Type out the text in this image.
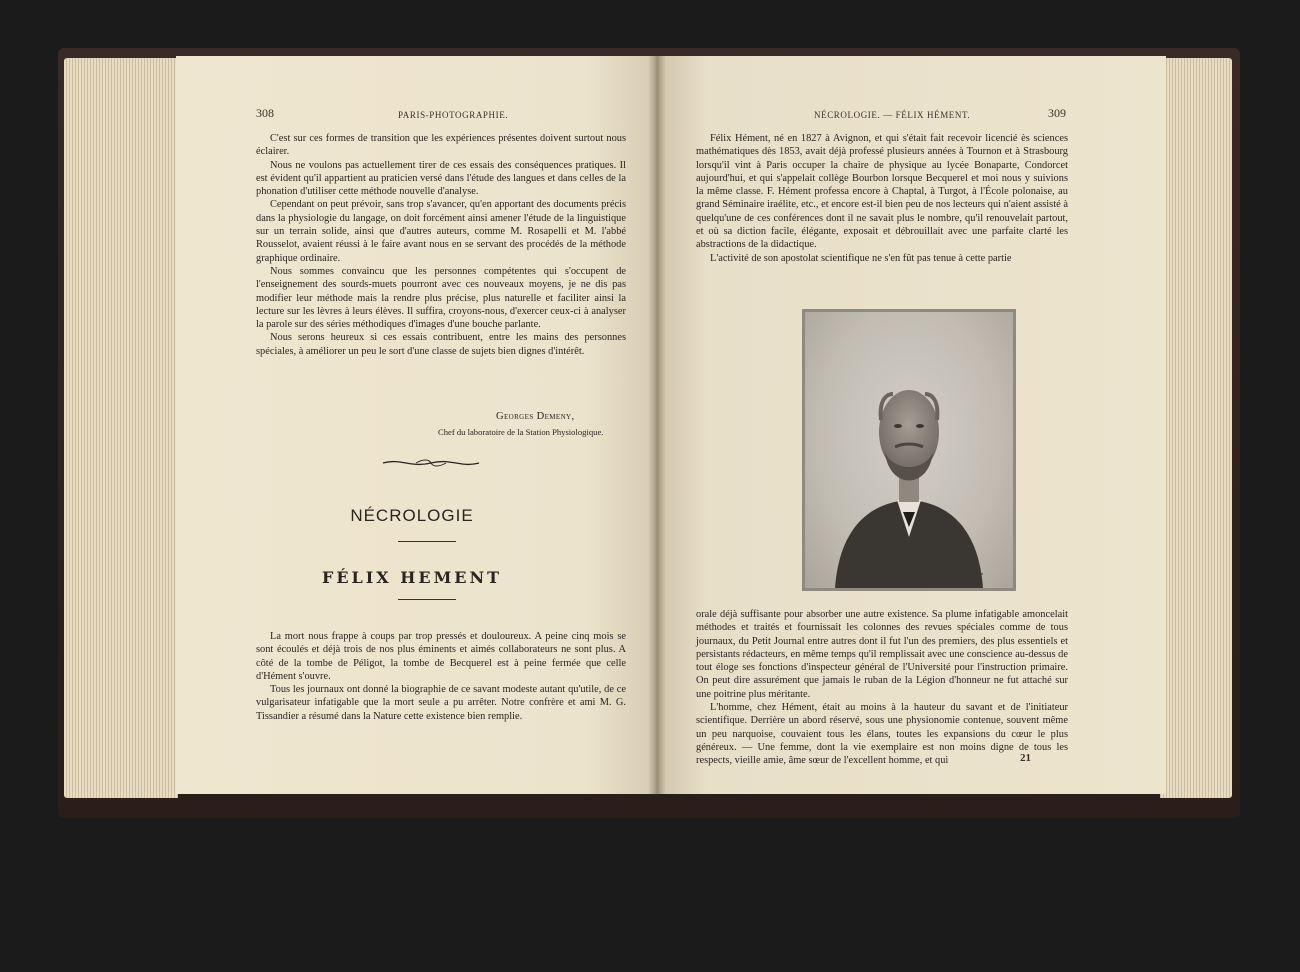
308	PARIS-PHOTOGRAPHIE.

C'est sur ces formes de transition que les expériences présentes doivent surtout nous éclairer.

Nous ne voulons pas actuellement tirer de ces essais des conséquences pratiques. Il est évident qu'il appartient au praticien versé dans l'étude des langues et dans celles de la phonation d'utiliser cette méthode nouvelle d'analyse.

Cependant on peut prévoir, sans trop s'avancer, qu'en apportant des documents précis dans la physiologie du langage, on doit forcément ainsi amener l'étude de la linguistique sur un terrain solide, ainsi que d'autres auteurs, comme M. Rosapelli et M. l'abbé Rousselot, avaient réussi à le faire avant nous en se servant des procédés de la méthode graphique ordinaire.

Nous sommes convaincu que les personnes compétentes qui s'occupent de l'enseignement des sourds-muets pourront avec ces nouveaux moyens, je ne dis pas modifier leur méthode mais la rendre plus précise, plus naturelle et faciliter ainsi la lecture sur les lèvres à leurs élèves. Il suffira, croyons-nous, d'exercer ceux-ci à analyser la parole sur des séries méthodiques d'images d'une bouche parlante.

Nous serons heureux si ces essais contribuent, entre les mains des personnes spéciales, à améliorer un peu le sort d'une classe de sujets bien dignes d'intérêt.

Georges Demeny,
Chef du laboratoire de la Station Physiologique.
NÉCROLOGIE
FÉLIX HEMENT

La mort nous frappe à coups par trop pressés et douloureux. A peine cinq mois se sont écoulés et déjà trois de nos plus éminents et aimés collaborateurs ne sont plus. A côté de la tombe de Péligot, la tombe de Becquerel est à peine fermée que celle d'Hément s'ouvre.

Tous les journaux ont donné la biographie de ce savant modeste autant qu'utile, de ce vulgarisateur infatigable que la mort seule a pu arrêter. Notre confrère et ami M. G. Tissandier a résumé dans la Nature cette existence bien remplie.

NÉCROLOGIE. — FÉLIX HÉMENT.	309

Félix Hément, né en 1827 à Avignon, et qui s'était fait recevoir licencié ès sciences mathématiques dès 1853, avait déjà professé plusieurs années à Tournon et à Strasbourg lorsqu'il vint à Paris occuper la chaire de physique au lycée Bonaparte, Condorcet aujourd'hui, et qui s'appelait collège Bourbon lorsque Becquerel et moi nous y suivions la même classe. F. Hément professa encore à Chaptal, à Turgot, à l'École polonaise, au grand Séminaire iraélite, etc., et encore est-il bien peu de nos lecteurs qui n'aient assisté à quelqu'une de ces conférences dont il ne savait plus le nombre, qu'il renouvelait partout, et où sa diction facile, élégante, exposait et débrouillait avec une parfaite clarté les abstractions de la didactique.

L'activité de son apostolat scientifique ne s'en fût pas tenue à cette partie

orale déjà suffisante pour absorber une autre existence. Sa plume infatigable amoncelait méthodes et traités et fournissait les colonnes des revues spéciales comme de tous journaux, du Petit Journal entre autres dont il fut l'un des premiers, des plus essentiels et persistants rédacteurs, en même temps qu'il remplissait avec une conscience au-dessus de tout éloge ses fonctions d'inspecteur général de l'Université pour l'instruction primaire. On peut dire assurément que jamais le ruban de la Légion d'honneur ne fut attaché sur une poitrine plus méritante.

L'homme, chez Hément, était au moins à la hauteur du savant et de l'initiateur scientifique. Derrière un abord réservé, sous une physionomie contenue, souvent même un peu narquoise, couvaient tous les élans, toutes les expansions du cœur le plus généreux. — Une femme, dont la vie exemplaire est non moins digne de tous les respects, vieille amie, âme sœur de l'excellent homme, et qui	21
